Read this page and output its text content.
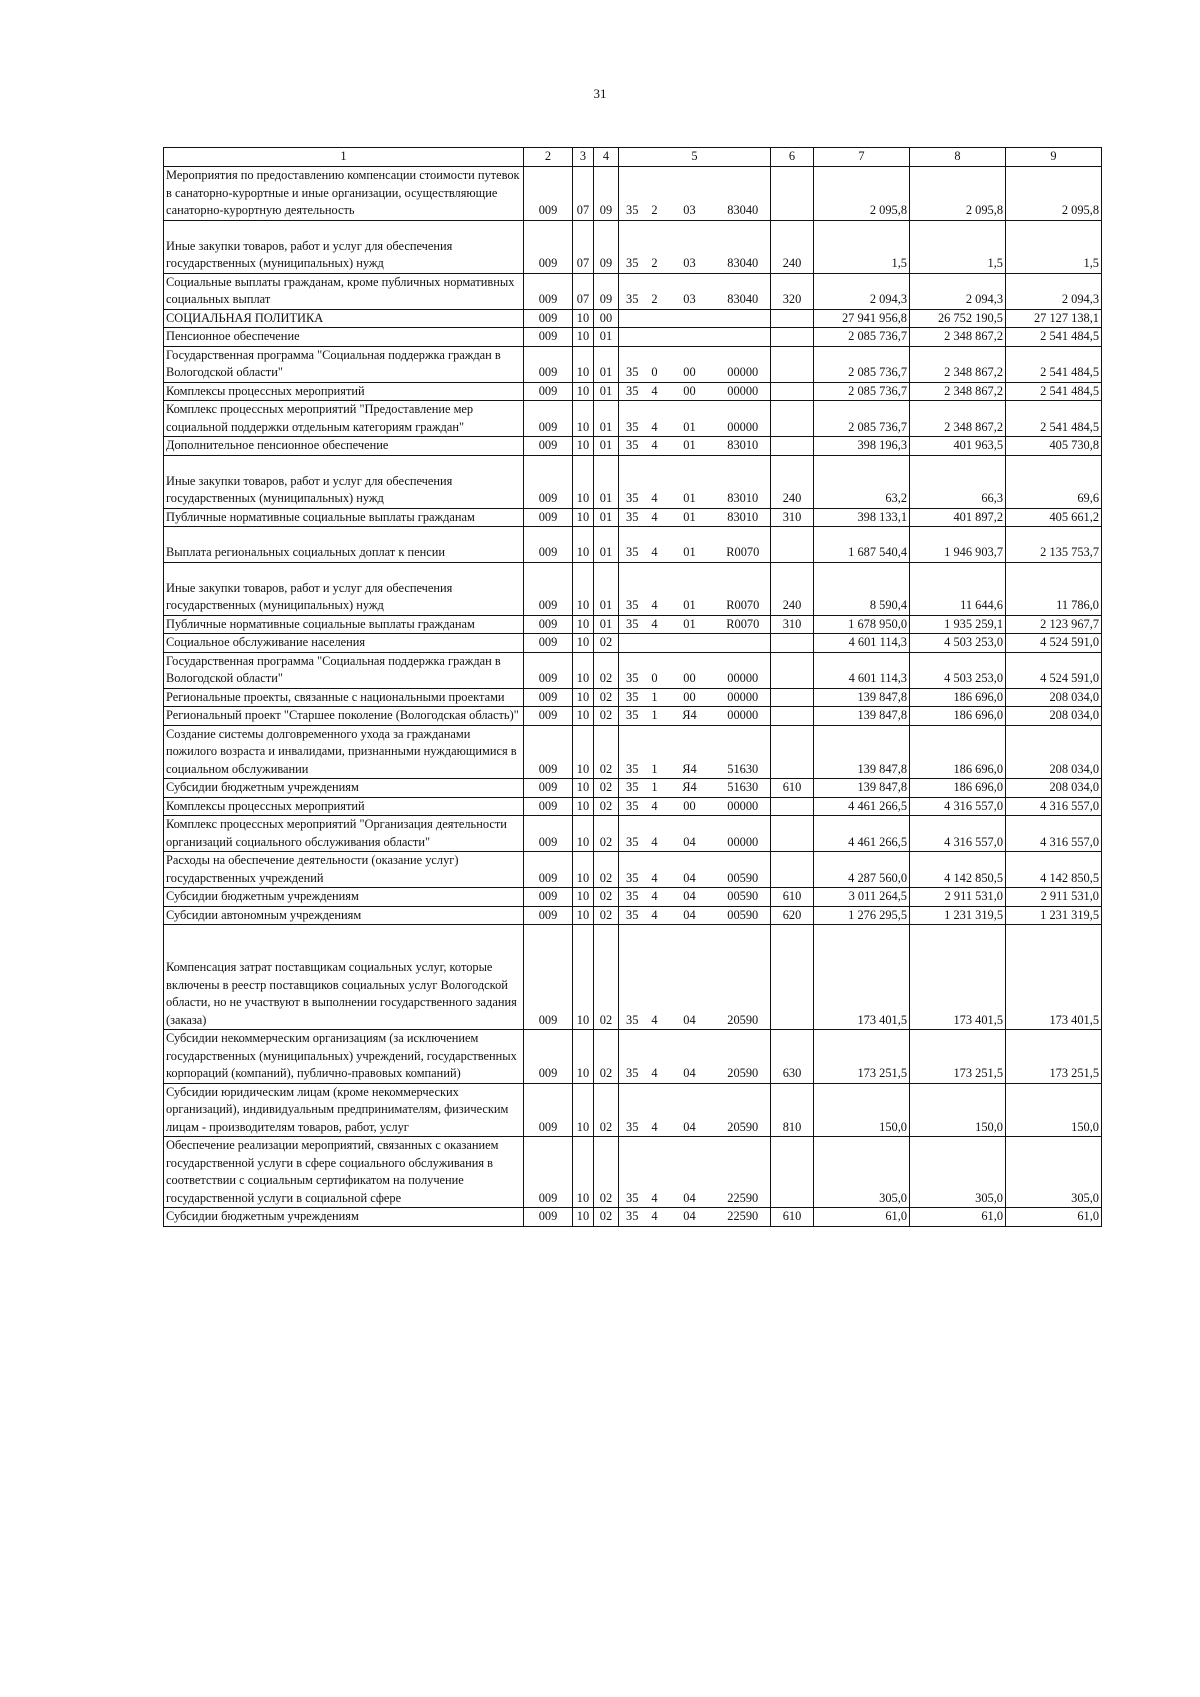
31
1	2	3	4	5				6	7	8	9
Мероприятия по предоставлению компенсации стоимости путевок в санаторно-курортные и иные организации, осуществляющие санаторно-курортную деятельность	009	07	09	35	2	03	83040		2 095,8	2 095,8	2 095,8
Иные закупки товаров, работ и услуг для обеспечения государственных (муниципальных) нужд	009	07	09	35	2	03	83040	240	1,5	1,5	1,5
Социальные выплаты гражданам, кроме публичных нормативных социальных выплат	009	07	09	35	2	03	83040	320	2 094,3	2 094,3	2 094,3
СОЦИАЛЬНАЯ ПОЛИТИКА	009	10	00						27 941 956,8	26 752 190,5	27 127 138,1
Пенсионное обеспечение	009	10	01						2 085 736,7	2 348 867,2	2 541 484,5
Государственная программа "Социальная поддержка граждан в Вологодской области"	009	10	01	35	0	00	00000		2 085 736,7	2 348 867,2	2 541 484,5
Комплексы процессных мероприятий	009	10	01	35	4	00	00000		2 085 736,7	2 348 867,2	2 541 484,5
Комплекс процессных мероприятий "Предоставление мер социальной поддержки отдельным категориям граждан"	009	10	01	35	4	01	00000		2 085 736,7	2 348 867,2	2 541 484,5
Дополнительное пенсионное обеспечение	009	10	01	35	4	01	83010		398 196,3	401 963,5	405 730,8
Иные закупки товаров, работ и услуг для обеспечения государственных (муниципальных) нужд	009	10	01	35	4	01	83010	240	63,2	66,3	69,6
Публичные нормативные социальные выплаты гражданам	009	10	01	35	4	01	83010	310	398 133,1	401 897,2	405 661,2
Выплата региональных социальных доплат к пенсии	009	10	01	35	4	01	R0070		1 687 540,4	1 946 903,7	2 135 753,7
Иные закупки товаров, работ и услуг для обеспечения государственных (муниципальных) нужд	009	10	01	35	4	01	R0070	240	8 590,4	11 644,6	11 786,0
Публичные нормативные социальные выплаты гражданам	009	10	01	35	4	01	R0070	310	1 678 950,0	1 935 259,1	2 123 967,7
Социальное обслуживание населения	009	10	02						4 601 114,3	4 503 253,0	4 524 591,0
Государственная программа "Социальная поддержка граждан в Вологодской области"	009	10	02	35	0	00	00000		4 601 114,3	4 503 253,0	4 524 591,0
Региональные проекты, связанные с национальными проектами	009	10	02	35	1	00	00000		139 847,8	186 696,0	208 034,0
Региональный проект "Старшее поколение (Вологодская область)"	009	10	02	35	1	Я4	00000		139 847,8	186 696,0	208 034,0
Создание системы долговременного ухода за гражданами пожилого возраста и инвалидами, признанными нуждающимися в социальном обслуживании	009	10	02	35	1	Я4	51630		139 847,8	186 696,0	208 034,0
Субсидии бюджетным учреждениям	009	10	02	35	1	Я4	51630	610	139 847,8	186 696,0	208 034,0
Комплексы процессных мероприятий	009	10	02	35	4	00	00000		4 461 266,5	4 316 557,0	4 316 557,0
Комплекс процессных мероприятий "Организация деятельности организаций социального обслуживания области"	009	10	02	35	4	04	00000		4 461 266,5	4 316 557,0	4 316 557,0
Расходы на обеспечение деятельности (оказание услуг) государственных учреждений	009	10	02	35	4	04	00590		4 287 560,0	4 142 850,5	4 142 850,5
Субсидии бюджетным учреждениям	009	10	02	35	4	04	00590	610	3 011 264,5	2 911 531,0	2 911 531,0
Субсидии автономным учреждениям	009	10	02	35	4	04	00590	620	1 276 295,5	1 231 319,5	1 231 319,5
Компенсация затрат поставщикам социальных услуг, которые включены в реестр поставщиков социальных услуг Вологодской области, но не участвуют в выполнении государственного задания (заказа)	009	10	02	35	4	04	20590		173 401,5	173 401,5	173 401,5
Субсидии некоммерческим организациям (за исключением государственных (муниципальных) учреждений, государственных корпораций (компаний), публично-правовых компаний)	009	10	02	35	4	04	20590	630	173 251,5	173 251,5	173 251,5
Субсидии юридическим лицам (кроме некоммерческих организаций), индивидуальным предпринимателям, физическим лицам - производителям товаров, работ, услуг	009	10	02	35	4	04	20590	810	150,0	150,0	150,0
Обеспечение реализации мероприятий, связанных с оказанием государственной услуги в сфере социального обслуживания в соответствии с социальным сертификатом на получение государственной услуги в социальной сфере	009	10	02	35	4	04	22590		305,0	305,0	305,0
Субсидии бюджетным учреждениям	009	10	02	35	4	04	22590	610	61,0	61,0	61,0
